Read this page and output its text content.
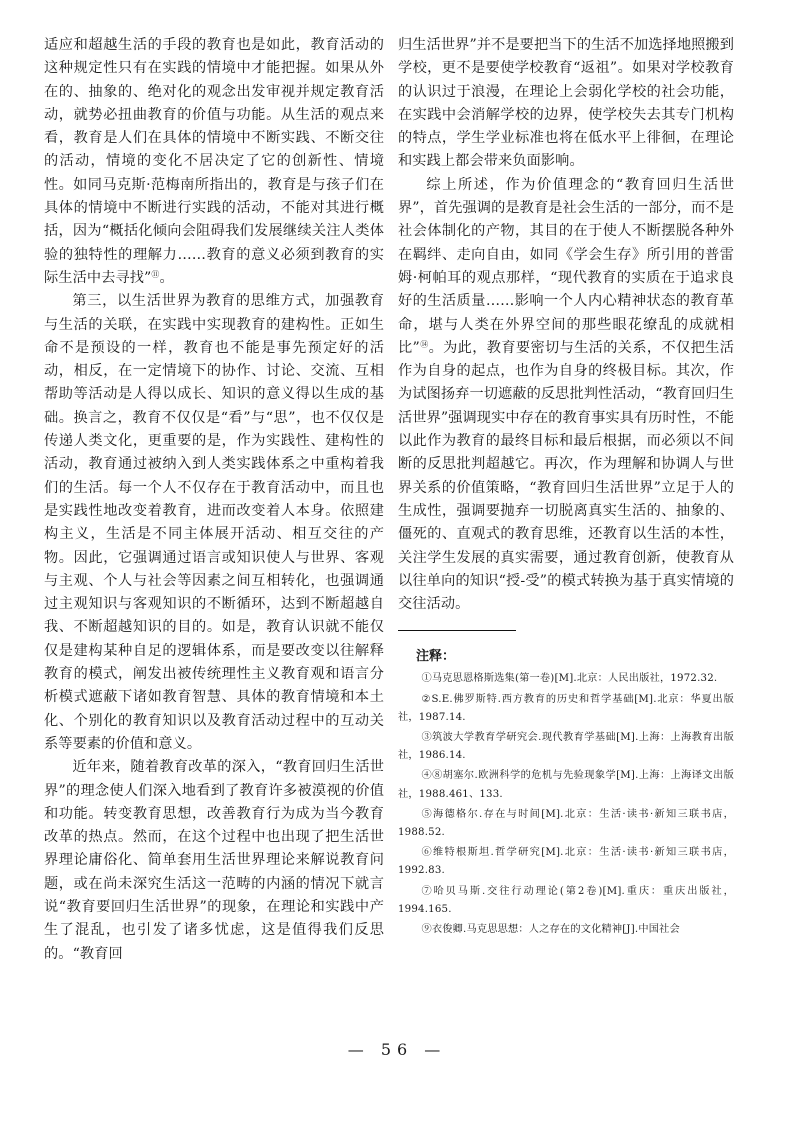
适应和超越生活的手段的教育也是如此，教育活动的这种规定性只有在实践的情境中才能把握。如果从外在的、抽象的、绝对化的观念出发审视并规定教育活动，就势必扭曲教育的价值与功能。从生活的观点来看，教育是人们在具体的情境中不断实践、不断交往的活动，情境的变化不居决定了它的创新性、情境性。如同马克斯·范梅南所指出的，教育是与孩子们在具体的情境中不断进行实践的活动，不能对其进行概括，因为“概括化倾向会阻碍我们发展继续关注人类体验的独特性的理解力……教育的意义必须到教育的实际生活中去寻找”⑪。

第三，以生活世界为教育的思维方式，加强教育与生活的关联，在实践中实现教育的建构性。正如生命不是预设的一样，教育也不能是事先预定好的活动，相反，在一定情境下的协作、讨论、交流、互相帮助等活动是人得以成长、知识的意义得以生成的基础。换言之，教育不仅仅是“看”与“思”，也不仅仅是传递人类文化，更重要的是，作为实践性、建构性的活动，教育通过被纳入到人类实践体系之中重构着我们的生活。每一个人不仅存在于教育活动中，而且也是实践性地改变着教育，进而改变着人本身。依照建构主义，生活是不同主体展开活动、相互交往的产物。因此，它强调通过语言或知识使人与世界、客观与主观、个人与社会等因素之间互相转化，也强调通过主观知识与客观知识的不断循环，达到不断超越自我、不断超越知识的目的。如是，教育认识就不能仅仅是建构某种自足的逻辑体系，而是要改变以往解释教育的模式，阐发出被传统理性主义教育观和语言分析模式遮蔽下诸如教育智慧、具体的教育情境和本土化、个别化的教育知识以及教育活动过程中的互动关系等要素的价值和意义。

近年来，随着教育改革的深入，“教育回归生活世界”的理念使人们深入地看到了教育许多被漠视的价值和功能。转变教育思想，改善教育行为成为当今教育改革的热点。然而，在这个过程中也出现了把生活世界理论庸俗化、简单套用生活世界理论来解说教育问题，或在尚未深究生活这一范畴的内涵的情况下就言说“教育要回归生活世界”的现象，在理论和实践中产生了混乱，也引发了诸多忧虑，这是值得我们反思的。“教育回

归生活世界”并不是要把当下的生活不加选择地照搬到学校，更不是要使学校教育“返祖”。如果对学校教育的认识过于浪漫，在理论上会弱化学校的社会功能，在实践中会消解学校的边界，使学校失去其专门机构的特点，学生学业标准也将在低水平上徘徊，在理论和实践上都会带来负面影响。

综上所述，作为价值理念的“教育回归生活世界”，首先强调的是教育是社会生活的一部分，而不是社会体制化的产物，其目的在于使人不断摆脱各种外在羁绊、走向自由，如同《学会生存》所引用的普雷姆·柯帕耳的观点那样，“现代教育的实质在于追求良好的生活质量……影响一个人内心精神状态的教育革命，堪与人类在外界空间的那些眼花缭乱的成就相比”⑭。为此，教育要密切与生活的关系，不仅把生活作为自身的起点，也作为自身的终极目标。其次，作为试图扬弃一切遮蔽的反思批判性活动，“教育回归生活世界”强调现实中存在的教育事实具有历时性，不能以此作为教育的最终目标和最后根据，而必须以不间断的反思批判超越它。再次，作为理解和协调人与世界关系的价值策略，“教育回归生活世界”立足于人的生成性，强调要抛弃一切脱离真实生活的、抽象的、僵死的、直观式的教育思维，还教育以生活的本性，关注学生发展的真实需要，通过教育创新，使教育从以往单向的知识“授-受”的模式转换为基于真实情境的交往活动。

注释：

①马克思恩格斯选集(第一卷)[M].北京：人民出版社，1972.32.

②S.E.佛罗斯特.西方教育的历史和哲学基础[M].北京：华夏出版社，1987.14.

③筑波大学教育学研究会.现代教育学基础[M].上海：上海教育出版社，1986.14.

④⑧胡塞尔.欧洲科学的危机与先验现象学[M].上海：上海译文出版社，1988.461、133.

⑤海德格尔.存在与时间[M].北京：生活·读书·新知三联书店，1988.52.

⑥维特根斯坦.哲学研究[M].北京：生活·读书·新知三联书店，1992.83.

⑦哈贝马斯.交往行动理论(第2卷)[M].重庆：重庆出版社，1994.165.

⑨衣俊卿.马克思思想：人之存在的文化精神[J].中国社会

— 56 —
